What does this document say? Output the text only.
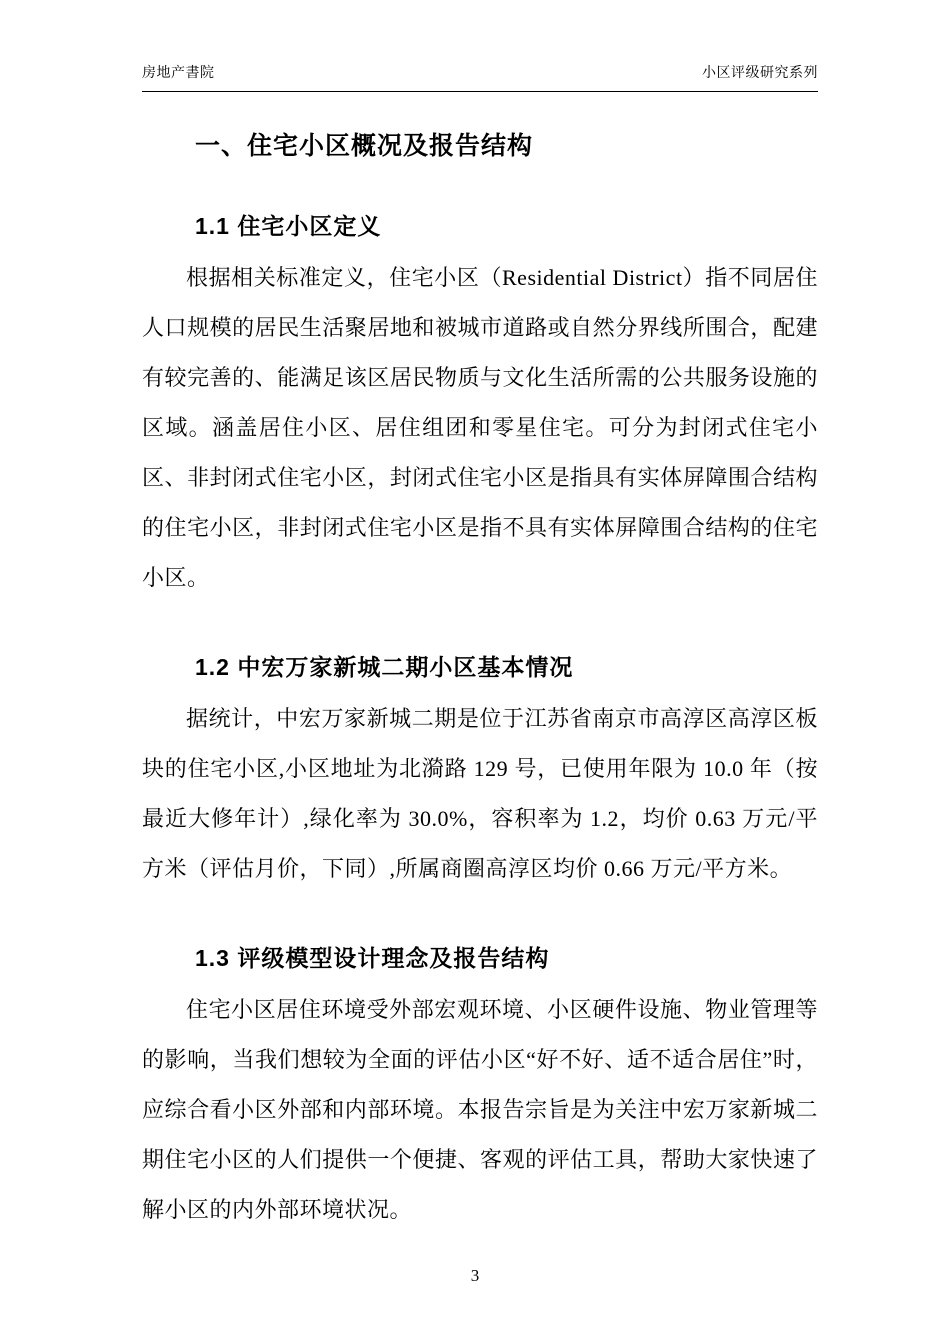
房地产書院	小区评级研究系列
一、住宅小区概况及报告结构
1.1 住宅小区定义
根据相关标准定义，住宅小区（Residential District）指不同居住人口规模的居民生活聚居地和被城市道路或自然分界线所围合，配建有较完善的、能满足该区居民物质与文化生活所需的公共服务设施的区域。涵盖居住小区、居住组团和零星住宅。可分为封闭式住宅小区、非封闭式住宅小区，封闭式住宅小区是指具有实体屏障围合结构的住宅小区，非封闭式住宅小区是指不具有实体屏障围合结构的住宅小区。
1.2 中宏万家新城二期小区基本情况
据统计，中宏万家新城二期是位于江苏省南京市高淳区高淳区板块的住宅小区,小区地址为北漪路 129 号，已使用年限为 10.0 年（按最近大修年计）,绿化率为 30.0%，容积率为 1.2，均价 0.63 万元/平方米（评估月价，下同）,所属商圈高淳区均价 0.66 万元/平方米。
1.3 评级模型设计理念及报告结构
住宅小区居住环境受外部宏观环境、小区硬件设施、物业管理等的影响，当我们想较为全面的评估小区“好不好、适不适合居住”时，应综合看小区外部和内部环境。本报告宗旨是为关注中宏万家新城二期住宅小区的人们提供一个便捷、客观的评估工具，帮助大家快速了解小区的内外部环境状况。
3
